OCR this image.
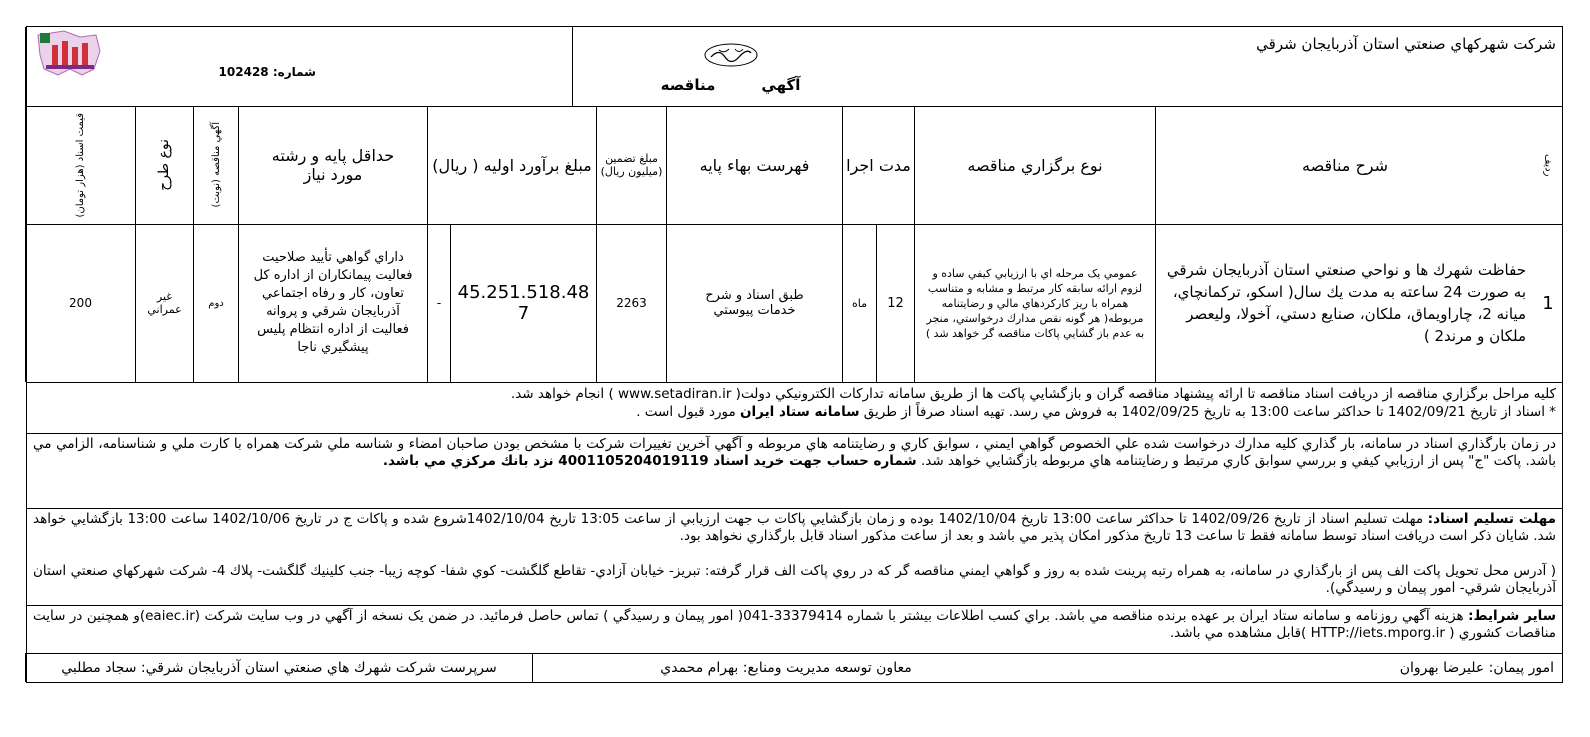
شرکت شهرکهاي صنعتي استان آذربايجان شرقي
آگهي
مناقصه
شماره: 102428
رديف
شرح مناقصه
نوع برگزاري مناقصه
مدت اجرا
فهرست بهاء پايه
مبلغ تضمين (ميليون ريال)
مبلغ برآورد اوليه ( ريال)
حداقل پايه و رشته مورد نياز
آگهي مناقصه (نوبت)
نوع طرح
قيمت اسناد (هزار تومان)
1
حفاظت شهرك ها و نواحي صنعتي استان آذربايجان شرقي به صورت 24 ساعته به مدت يك سال( اسكو، تركمانچاي، ميانه 2، چاراويماق، ملكان، صنايع دستي، آخولا، وليعصر ملكان و مرند2 )
عمومي يک مرحله اي با ارزيابي کيفي ساده و لزوم ارائه سابقه كار مرتبط و مشابه و متناسب همراه با ريز كاركردهاي مالي و رضايتنامه مربوطه( هر گونه نقص مدارك درخواستي، منجر به عدم باز گشايي پاكات مناقصه گر خواهد شد )
12
ماه
طبق اسناد و شرح خدمات پيوستي
2263
45.251.518.487
-
داراي گواهي تأييد صلاحيت فعاليت پيمانكاران از اداره كل تعاون، كار و رفاه اجتماعي آذربايجان شرقي و پروانه فعاليت از اداره انتظام پليس پيشگيري ناجا
دوم
غير عمراني
200
كليه مراحل برگزاري مناقصه از دريافت اسناد مناقصه تا ارائه پيشنهاد مناقصه گران و بازگشايي پاكت ها از طريق سامانه تداركات الكترونيكي دولت( www.setadiran.ir ) انجام خواهد شد.
* اسناد از تاريخ 1402/09/21 تا حداكثر ساعت 13:00 به تاريخ 1402/09/25 به فروش مي رسد. تهيه اسناد صرفاً از طريق سامانه ستاد ايران مورد قبول است .
در زمان بارگذاري اسناد در سامانه، بار گذاري كليه مدارك درخواست شده علي الخصوص گواهي ايمني ، سوابق كاري و رضايتنامه هاي مربوطه و آگهي آخرين تغييرات شركت با مشخص بودن صاحبان امضاء و شناسه ملي شركت همراه با كارت ملي و شناسنامه، الزامي مي باشد. پاكت "ج" پس از ارزيابي كيفي و بررسي سوابق كاري مرتبط و رضايتنامه هاي مربوطه بازگشايي خواهد شد. شماره حساب جهت خريد اسناد 4001105204019119 نزد بانك مركزي مي باشد.
مهلت تسليم اسناد: مهلت تسليم اسناد از تاريخ 1402/09/26 تا حداكثر ساعت 13:00 تاريخ 1402/10/04 بوده و زمان بازگشايي پاكات ب جهت ارزيابي از ساعت 13:05 تاريخ 1402/10/04شروع شده و پاكات ج در تاريخ 1402/10/06 ساعت 13:00 بازگشايي خواهد شد. شايان ذكر است دريافت اسناد توسط سامانه فقط تا ساعت 13 تاريخ مذكور امكان پذير مي باشد و بعد از ساعت مذكور اسناد قابل بارگذاري نخواهد بود.
( آدرس محل تحويل پاكت الف پس از بارگذاري در سامانه، به همراه رتبه پرينت شده به روز و گواهي ايمني مناقصه گر كه در روي پاكت الف قرار گرفته: تبريز- خيابان آزادي- تقاطع گلگشت- كوي شفا- كوچه زيبا- جنب كلينيك گلگشت- پلاك 4- شركت شهركهاي صنعتي استان آذربايجان شرقي- امور پيمان و رسيدگي).
ساير شرايط: هزينه آگهي روزنامه و سامانه ستاد ايران بر عهده برنده مناقصه مي باشد. براي كسب اطلاعات بيشتر با شماره 33379414-041( امور پيمان و رسيدگي ) تماس حاصل فرمائيد. در ضمن يک نسخه از آگهي در وب سايت شركت (eaiec.ir)و همچنين در سايت مناقصات كشوري ( HTTP://iets.mporg.ir )قابل مشاهده مي باشد.
امور پيمان: عليرضا بهروان
معاون توسعه مديريت ومنابع: بهرام محمدي
سرپرست شركت شهرك هاي صنعتي استان آذربايجان شرقي: سجاد مطلبي
